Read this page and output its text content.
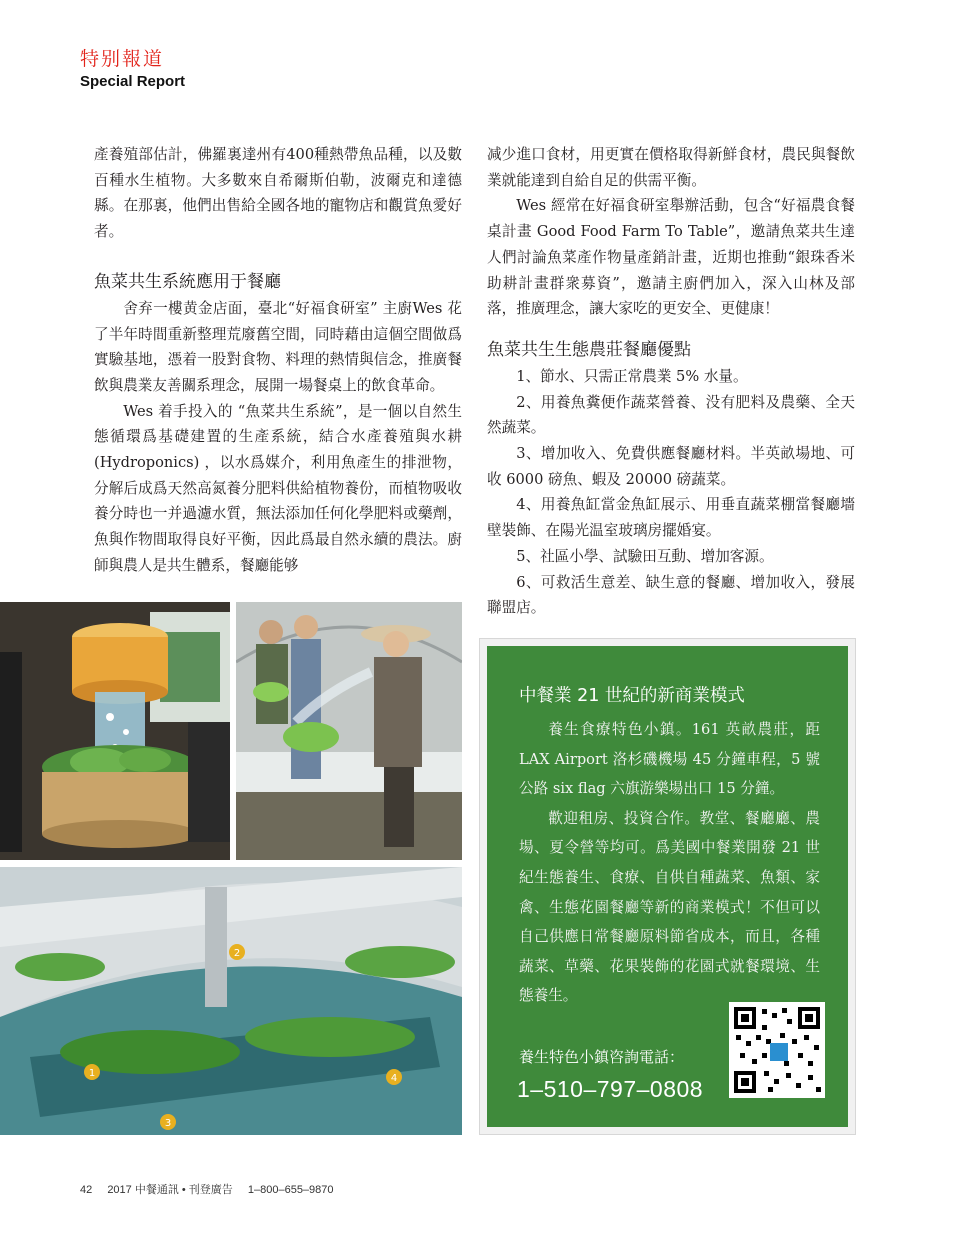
特别報道
Special Report

產養殖部估計，佛羅裏達州有400種熱帶魚品種，以及數百種水生植物。大多數來自希爾斯伯勒，波爾克和達德縣。在那裏，他們出售給全國各地的寵物店和觀賞魚愛好者。

魚菜共生系統應用于餐廳

舍弃一樓黄金店面，臺北“好福食研室” 主廚Wes 花了半年時間重新整理荒廢舊空間，同時藉由這個空間做爲實驗基地，憑着一股對食物、料理的熱情與信念，推廣餐飲與農業友善關系理念，展開一場餐桌上的飲食革命。

Wes 着手投入的 “魚菜共生系統”，是一個以自然生態循環爲基礎建置的生產系統，結合水產養殖與水耕 (Hydroponics) ，以水爲媒介，利用魚產生的排泄物，分解后成爲天然高氮養分肥料供給植物養份，而植物吸收養分時也一并過濾水質，無法添加任何化學肥料或藥劑，魚與作物間取得良好平衡，因此爲最自然永續的農法。廚師與農人是共生體系，餐廳能够

减少進口食材，用更實在價格取得新鮮食材，農民與餐飲業就能達到自給自足的供需平衡。

Wes 經常在好福食研室舉辦活動，包含“好福農食餐桌計畫 Good Food Farm To Table”，邀請魚菜共生達人們討論魚菜產作物量產銷計畫，近期也推動“銀珠香米助耕計畫群衆募資”，邀請主廚們加入，深入山林及部落，推廣理念，讓大家吃的更安全、更健康！

魚菜共生生態農莊餐廳優點

1、節水、只需正常農業 5% 水量。

2、用養魚糞便作蔬菜營養、没有肥料及農藥、全天然蔬菜。

3、增加收入、免費供應餐廳材料。半英畝場地、可收 6000 磅魚、蝦及 20000 磅蔬菜。

4、用養魚缸當金魚缸展示、用垂直蔬菜棚當餐廳墻壁裝飾、在陽光温室玻璃房擺婚宴。

5、社區小學、試驗田互動、增加客源。

6、可救活生意差、缺生意的餐廳、增加收入，發展聯盟店。

2
1	4
3
中餐業 21 世紀的新商業模式

養生食療特色小鎮。161 英畝農莊，距 LAX Airport 洛杉磯機場 45 分鐘車程，5 號公路 six flag 六旗游樂場出口 15 分鐘。

歡迎租房、投資合作。教堂、餐廳廳、農場、夏令營等均可。爲美國中餐業開發 21 世紀生態養生、食療、自供自種蔬菜、魚類、家禽、生態花園餐廳等新的商業模式！不但可以自己供應日常餐廳原料節省成本，而且，各種蔬菜、草藥、花果裝飾的花園式就餐環境、生態養生。

養生特色小鎮咨詢電話：
1–510–797–0808
42 2017 中餐通訊 • 刊登廣告 1–800–655–9870
